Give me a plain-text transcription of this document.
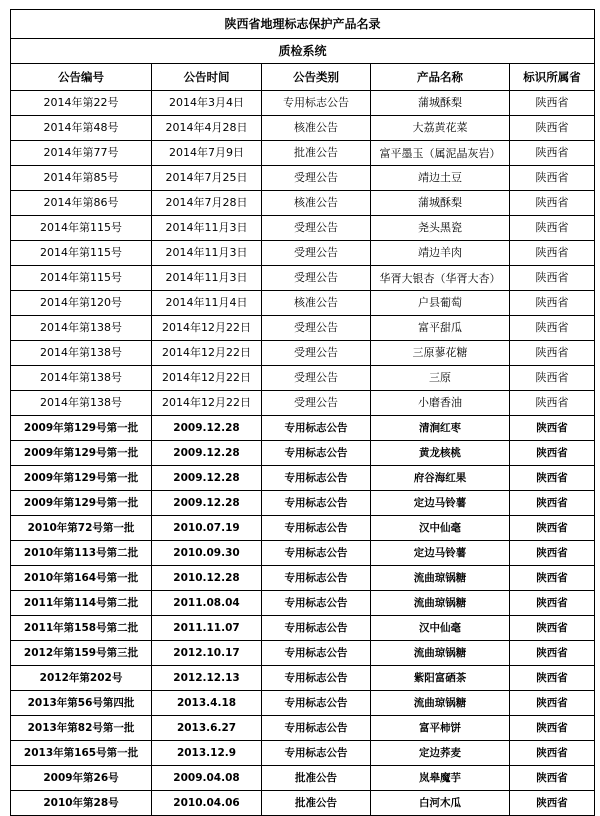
陕西省地理标志保护产品名录				
质检系统				
公告编号	公告时间	公告类别	产品名称	标识所属省
2014年第22号	2014年3月4日	专用标志公告	蒲城酥梨	陕西省
2014年第48号	2014年4月28日	核准公告	大荔黄花菜	陕西省
2014年第77号	2014年7月9日	批准公告	富平墨玉（属泥晶灰岩）	陕西省
2014年第85号	2014年7月25日	受理公告	靖边土豆	陕西省
2014年第86号	2014年7月28日	核准公告	蒲城酥梨	陕西省
2014年第115号	2014年11月3日	受理公告	尧头黑瓷	陕西省
2014年第115号	2014年11月3日	受理公告	靖边羊肉	陕西省
2014年第115号	2014年11月3日	受理公告	华胥大银杏（华胥大杏）	陕西省
2014年第120号	2014年11月4日	核准公告	户县葡萄	陕西省
2014年第138号	2014年12月22日	受理公告	富平甜瓜	陕西省
2014年第138号	2014年12月22日	受理公告	三原蓼花糖	陕西省
2014年第138号	2014年12月22日	受理公告	三原	陕西省
2014年第138号	2014年12月22日	受理公告	小磨香油	陕西省
2009年第129号第一批	2009.12.28	专用标志公告	清涧红枣	陕西省
2009年第129号第一批	2009.12.28	专用标志公告	黄龙核桃	陕西省
2009年第129号第一批	2009.12.28	专用标志公告	府谷海红果	陕西省
2009年第129号第一批	2009.12.28	专用标志公告	定边马铃薯	陕西省
2010年第72号第一批	2010.07.19	专用标志公告	汉中仙毫	陕西省
2010年第113号第二批	2010.09.30	专用标志公告	定边马铃薯	陕西省
2010年第164号第一批	2010.12.28	专用标志公告	流曲琼锅糖	陕西省
2011年第114号第二批	2011.08.04	专用标志公告	流曲琼锅糖	陕西省
2011年第158号第二批	2011.11.07	专用标志公告	汉中仙毫	陕西省
2012年第159号第三批	2012.10.17	专用标志公告	流曲琼锅糖	陕西省
2012年第202号	2012.12.13	专用标志公告	紫阳富硒茶	陕西省
2013年第56号第四批	2013.4.18	专用标志公告	流曲琼锅糖	陕西省
2013年第82号第一批	2013.6.27	专用标志公告	富平柿饼	陕西省
2013年第165号第一批	2013.12.9	专用标志公告	定边荞麦	陕西省
2009年第26号	2009.04.08	批准公告	岚皋魔芋	陕西省
2010年第28号	2010.04.06	批准公告	白河木瓜	陕西省
